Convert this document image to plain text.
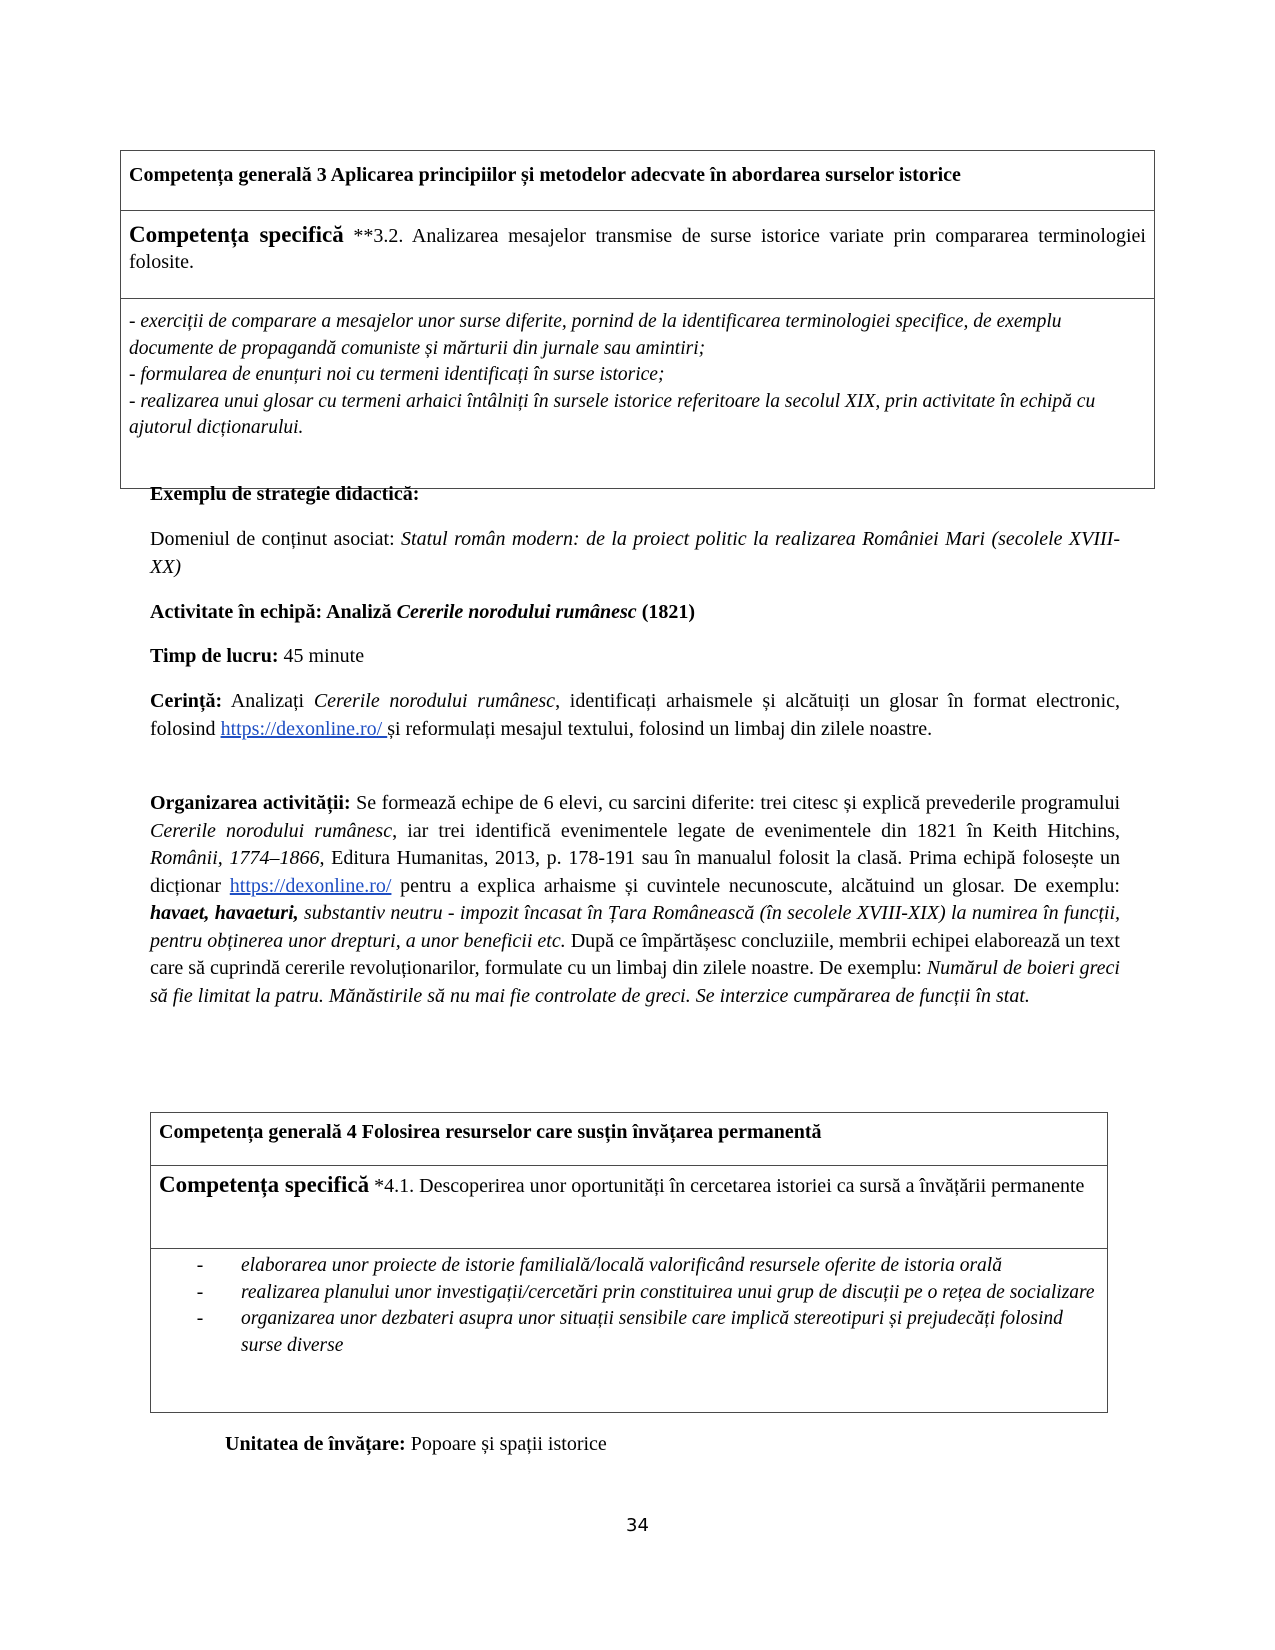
Competența generală 3 Aplicarea principiilor și metodelor adecvate în abordarea surselor istorice
Competența specifică **3.2. Analizarea mesajelor transmise de surse istorice variate prin compararea terminologiei folosite.

- exerciții de comparare a mesajelor unor surse diferite, pornind de la identificarea terminologiei specifice, de exemplu documente de propagandă comuniste și mărturii din jurnale sau amintiri;
- formularea de enunțuri noi cu termeni identificați în surse istorice;
- realizarea unui glosar cu termeni arhaici întâlniți în sursele istorice referitoare la secolul XIX, prin activitate în echipă cu ajutorul dicționarului.
Exemplu de strategie didactică:
Domeniul de conținut asociat: Statul român modern: de la proiect politic la realizarea României Mari (secolele XVIII-XX)
Activitate în echipă: Analiză Cererile norodului rumânesc (1821)
Timp de lucru: 45 minute
Cerință: Analizați Cererile norodului rumânesc, identificați arhaismele și alcătuiți un glosar în format electronic, folosind https://dexonline.ro/ și reformulați mesajul textului, folosind un limbaj din zilele noastre.
Organizarea activității: Se formează echipe de 6 elevi, cu sarcini diferite: trei citesc și explică prevederile programului Cererile norodului rumânesc, iar trei identifică evenimentele legate de evenimentele din 1821 în Keith Hitchins, Românii, 1774–1866, Editura Humanitas, 2013, p. 178-191 sau în manualul folosit la clasă. Prima echipă folosește un dicționar https://dexonline.ro/ pentru a explica arhaisme și cuvintele necunoscute, alcătuind un glosar. De exemplu: havaet, havaeturi, substantiv neutru - impozit încasat în Țara Românească (în secolele XVIII-XIX) la numirea în funcții, pentru obținerea unor drepturi, a unor beneficii etc. După ce împărtășesc concluziile, membrii echipei elaborează un text care să cuprindă cererile revoluționarilor, formulate cu un limbaj din zilele noastre. De exemplu: Numărul de boieri greci să fie limitat la patru. Mănăstirile să nu mai fie controlate de greci. Se interzice cumpărarea de funcții în stat.
Competența generală 4 Folosirea resurselor care susțin învățarea permanentă
Competența specifică *4.1. Descoperirea unor oportunități în cercetarea istoriei ca sursă a învățării permanente

-	elaborarea unor proiecte de istorie familială/locală valorificând resursele oferite de istoria orală
-	realizarea planului unor investigații/cercetări prin constituirea unui grup de discuții pe o rețea de socializare
-	organizarea unor dezbateri asupra unor situații sensibile care implică stereotipuri și prejudecăți folosind surse diverse
Unitatea de învățare: Popoare și spații istorice
34
